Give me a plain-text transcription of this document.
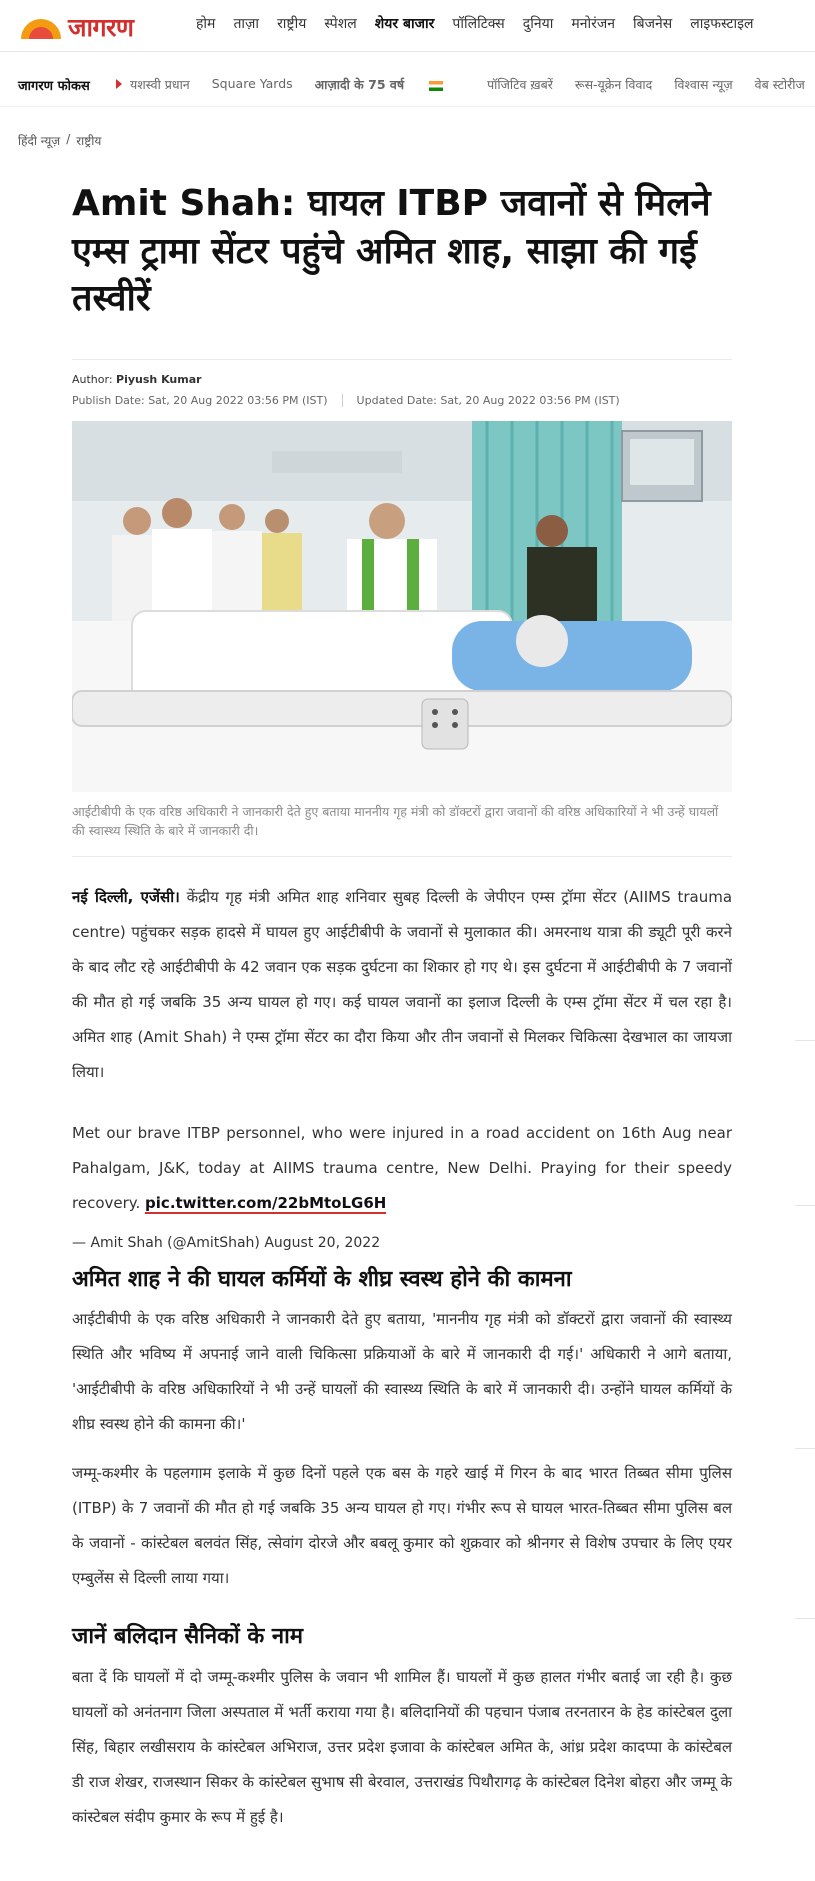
जागरण	होम ताज़ा राष्ट्रीय स्पेशल शेयर बाजार पॉलिटिक्स दुनिया मनोरंजन बिजनेस लाइफस्टाइल
जागरण फोकस	यशस्वी प्रधान Square Yards आज़ादी के 75 वर्ष	पॉजिटिव ख़बरें रूस-यूक्रेन विवाद विश्वास न्यूज़ वेब स्टोरीज
हिंदी न्यूज़ / राष्ट्रीय
Amit Shah: घायल ITBP जवानों से मिलने एम्स ट्रामा सेंटर पहुंचे अमित शाह, साझा की गई तस्वीरें
Author: Piyush Kumar
Publish Date: Sat, 20 Aug 2022 03:56 PM (IST)	Updated Date: Sat, 20 Aug 2022 03:56 PM (IST)

आईटीबीपी के एक वरिष्ठ अधिकारी ने जानकारी देते हुए बताया माननीय गृह मंत्री को डॉक्टरों द्वारा जवानों की वरिष्ठ अधिकारियों ने भी उन्हें घायलों की स्वास्थ्य स्थिति के बारे में जानकारी दी।

नई दिल्ली, एजेंसी। केंद्रीय गृह मंत्री अमित शाह शनिवार सुबह दिल्ली के जेपीएन एम्स ट्रॉमा सेंटर (AIIMS trauma centre) पहुंचकर सड़क हादसे में घायल हुए आईटीबीपी के जवानों से मुलाकात की। अमरनाथ यात्रा की ड्यूटी पूरी करने के बाद लौट रहे आईटीबीपी के 42 जवान एक सड़क दुर्घटना का शिकार हो गए थे। इस दुर्घटना में आईटीबीपी के 7 जवानों की मौत हो गई जबकि 35 अन्य घायल हो गए। कई घायल जवानों का इलाज दिल्ली के एम्स ट्रॉमा सेंटर में चल रहा है। अमित शाह (Amit Shah) ने एम्स ट्रॉमा सेंटर का दौरा किया और तीन जवानों से मिलकर चिकित्सा देखभाल का जायजा लिया।

Met our brave ITBP personnel, who were injured in a road accident on 16th Aug near Pahalgam, J&K, today at AIIMS trauma centre, New Delhi. Praying for their speedy recovery. pic.twitter.com/22bMtoLG6H

— Amit Shah (@AmitShah) August 20, 2022
अमित शाह ने की घायल कर्मियों के शीघ्र स्वस्थ होने की कामना

आईटीबीपी के एक वरिष्ठ अधिकारी ने जानकारी देते हुए बताया, 'माननीय गृह मंत्री को डॉक्टरों द्वारा जवानों की स्वास्थ्य स्थिति और भविष्य में अपनाई जाने वाली चिकित्सा प्रक्रियाओं के बारे में जानकारी दी गई।' अधिकारी ने आगे बताया, 'आईटीबीपी के वरिष्ठ अधिकारियों ने भी उन्हें घायलों की स्वास्थ्य स्थिति के बारे में जानकारी दी। उन्होंने घायल कर्मियों के शीघ्र स्वस्थ होने की कामना की।'

जम्मू-कश्मीर के पहलगाम इलाके में कुछ दिनों पहले एक बस के गहरे खाई में गिरन के बाद भारत तिब्बत सीमा पुलिस (ITBP) के 7 जवानों की मौत हो गई जबकि 35 अन्य घायल हो गए। गंभीर रूप से घायल भारत-तिब्बत सीमा पुलिस बल के जवानों - कांस्टेबल बलवंत सिंह, त्सेवांग दोरजे और बबलू कुमार को शुक्रवार को श्रीनगर से विशेष उपचार के लिए एयर एम्बुलेंस से दिल्ली लाया गया।

जानें बलिदान सैनिकों के नाम

बता दें कि घायलों में दो जम्मू-कश्मीर पुलिस के जवान भी शामिल हैं। घायलों में कुछ हालत गंभीर बताई जा रही है। कुछ घायलों को अनंतनाग जिला अस्पताल में भर्ती कराया गया है। बलिदानियों की पहचान पंजाब तरनतारन के हेड कांस्टेबल दुला सिंह, बिहार लखीसराय के कांस्टेबल अभिराज, उत्तर प्रदेश इजावा के कांस्टेबल अमित के, आंध्र प्रदेश कादप्पा के कांस्टेबल डी राज शेखर, राजस्थान सिकर के कांस्टेबल सुभाष सी बेरवाल, उत्तराखंड पिथौरागढ़ के कांस्टेबल दिनेश बोहरा और जम्मू के कांस्टेबल संदीप कुमार के रूप में हुई है।
